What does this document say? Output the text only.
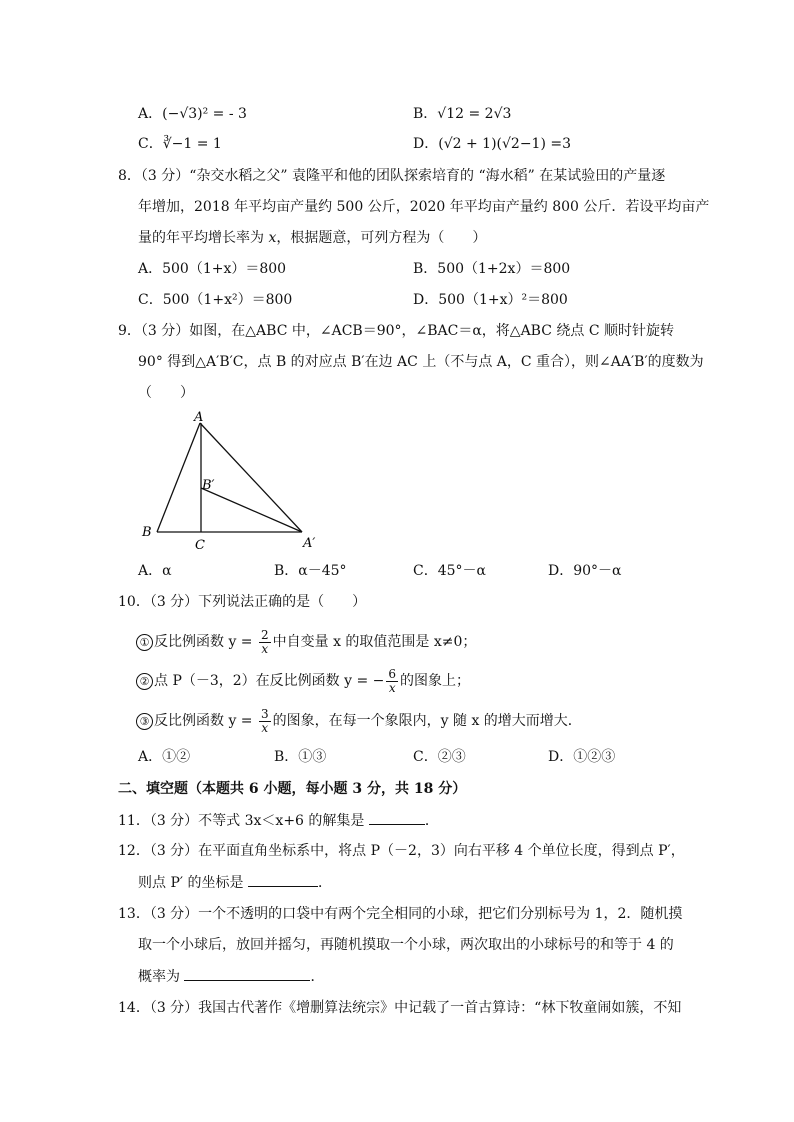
A．(−√3)² = - 3	B．√12 = 2√3
C．∛−1 = 1	D．(√2 + 1)(√2−1) =3
8．（3 分）“杂交水稻之父” 袁隆平和他的团队探索培育的 “海水稻” 在某试验田的产量逐
年增加，2018 年平均亩产量约 500 公斤，2020 年平均亩产量约 800 公斤．若设平均亩产
量的年平均增长率为 x，根据题意，可列方程为（　　）
A．500（1+x）＝800	B．500（1+2x）＝800
C．500（1+x²）＝800	D．500（1+x）²＝800
9．（3 分）如图，在△ABC 中，∠ACB＝90°，∠BAC＝α，将△ABC 绕点 C 顺时针旋转
90° 得到△A′B′C，点 B 的对应点 B′在边 AC 上（不与点 A，C 重合），则∠AA′B′的度数为
（　　）
A
B
C
B′
A′
A．α	B．α－45°	C．45°－α	D．90°－α
10．（3 分）下列说法正确的是（　　）
① 反比例函数 $y = \frac{2}{x}$ 中自变量 x 的取值范围是 x≠0；
② 点 P（－3，2）在反比例函数 y = − $\frac{6}{x}$ 的图象上；
③ 反比例函数 $y = \frac{3}{x}$ 的图象，在每一个象限内，y 随 x 的增大而增大．
A．①②	B．①③	C．②③	D．①②③
二、填空题（本题共 6 小题，每小题 3 分，共 18 分）
11．（3 分）不等式 3x＜x+6 的解集是	．
12．（3 分）在平面直角坐标系中，将点 P（－2，3）向右平移 4 个单位长度，得到点 P′，
则点 P′ 的坐标是	．
13．（3 分）一个不透明的口袋中有两个完全相同的小球，把它们分别标号为 1，2．随机摸
取一个小球后，放回并摇匀，再随机摸取一个小球，两次取出的小球标号的和等于 4 的
概率为	．
14．（3 分）我国古代著作《增删算法统宗》中记载了一首古算诗：“林下牧童闹如簇，不知
